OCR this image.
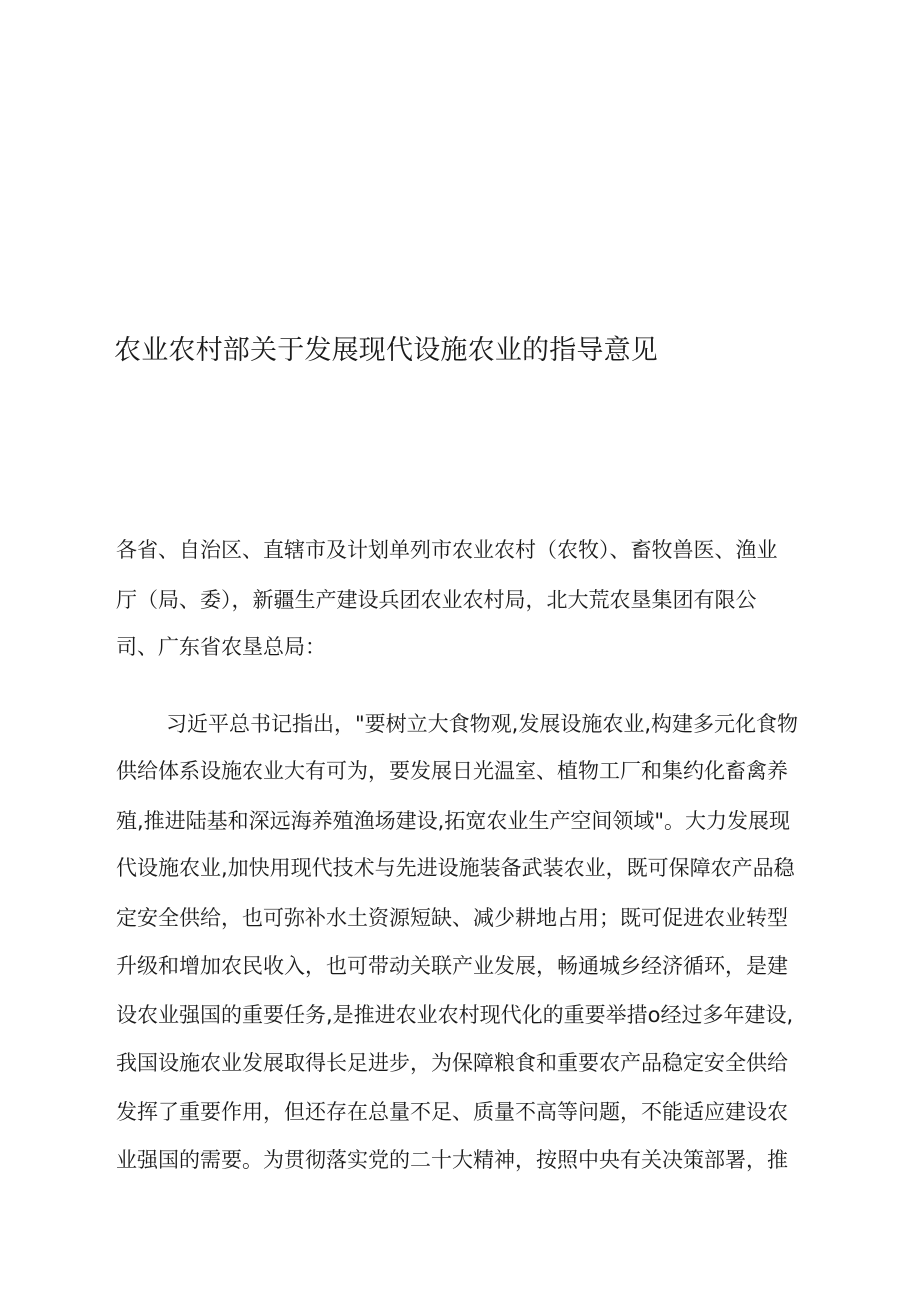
农业农村部关于发展现代设施农业的指导意见
各省、自治区、直辖市及计划单列市农业农村（农牧）、畜牧兽医、渔业
厅（局、委），新疆生产建设兵团农业农村局，北大荒农垦集团有限公
司、广东省农垦总局：
习近平总书记指出，"要树立大食物观,发展设施农业,构建多元化食物
供给体系设施农业大有可为，要发展日光温室、植物工厂和集约化畜禽养
殖,推进陆基和深远海养殖渔场建设,拓宽农业生产空间领域"。大力发展现
代设施农业,加快用现代技术与先进设施装备武装农业，既可保障农产品稳
定安全供给，也可弥补水土资源短缺、减少耕地占用；既可促进农业转型
升级和增加农民收入，也可带动关联产业发展，畅通城乡经济循环，是建
设农业强国的重要任务,是推进农业农村现代化的重要举措o经过多年建设,
我国设施农业发展取得长足进步，为保障粮食和重要农产品稳定安全供给
发挥了重要作用，但还存在总量不足、质量不高等问题，不能适应建设农
业强国的需要。为贯彻落实党的二十大精神，按照中央有关决策部署，推
